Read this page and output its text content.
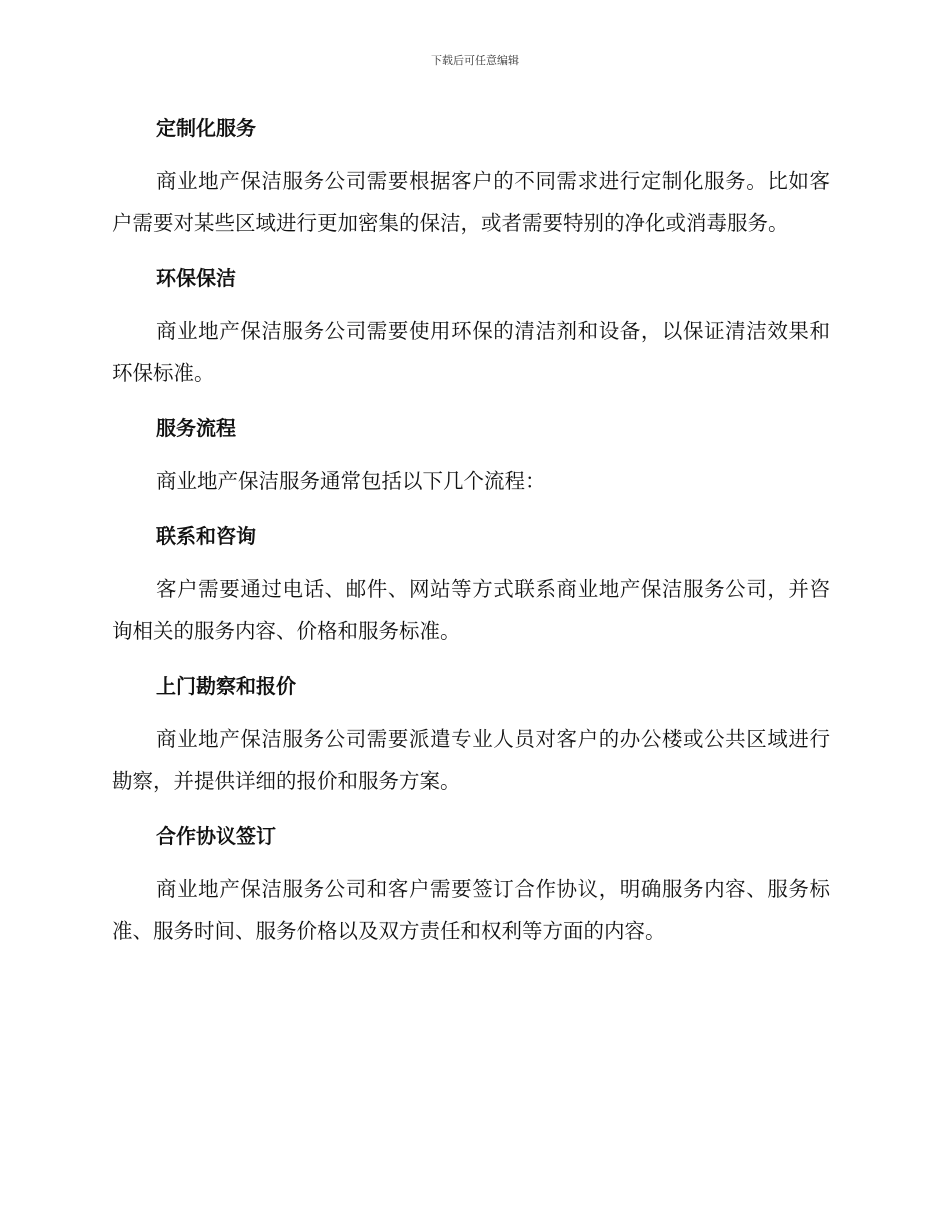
下载后可任意编辑
定制化服务

商业地产保洁服务公司需要根据客户的不同需求进行定制化服务。比如客户需要对某些区域进行更加密集的保洁，或者需要特别的净化或消毒服务。

环保保洁

商业地产保洁服务公司需要使用环保的清洁剂和设备，以保证清洁效果和环保标准。

服务流程

商业地产保洁服务通常包括以下几个流程：

联系和咨询

客户需要通过电话、邮件、网站等方式联系商业地产保洁服务公司，并咨询相关的服务内容、价格和服务标准。

上门勘察和报价

商业地产保洁服务公司需要派遣专业人员对客户的办公楼或公共区域进行勘察，并提供详细的报价和服务方案。

合作协议签订

商业地产保洁服务公司和客户需要签订合作协议，明确服务内容、服务标准、服务时间、服务价格以及双方责任和权利等方面的内容。
